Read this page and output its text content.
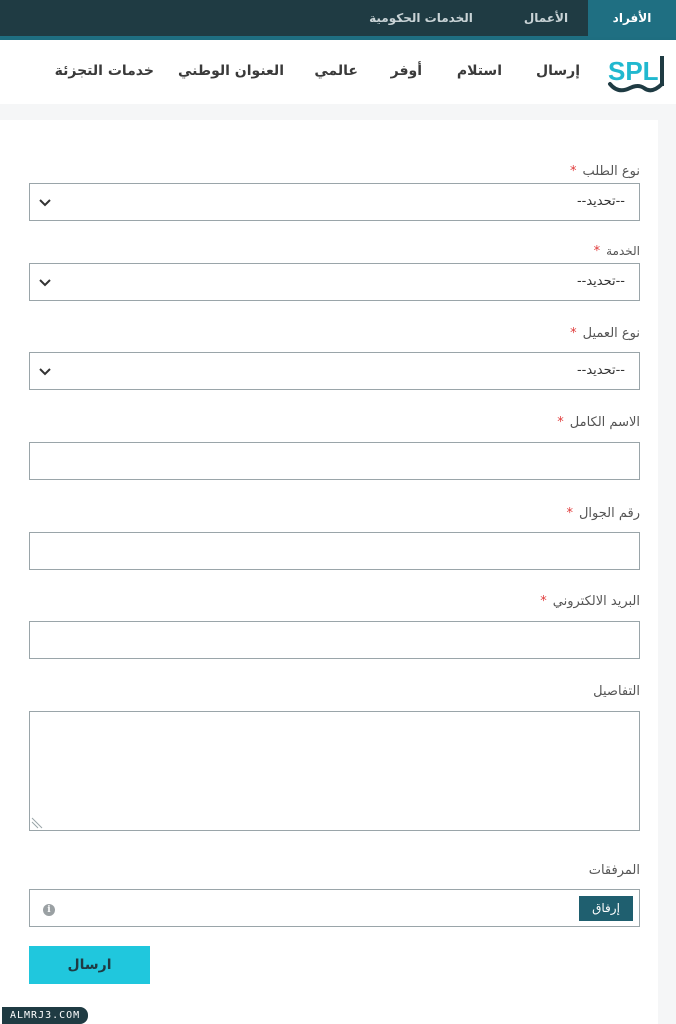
الأفراد
الأعمال
الخدمات الحكومية
SPL
إرسال
استلام
أوفر
عالمي
العنوان الوطني
خدمات التجزئة
نوع الطلب*
--تحديد--
الخدمة*
--تحديد--
نوع العميل*
--تحديد--
الاسم الكامل*
رقم الجوال*
البريد الالكتروني*
التفاصيل
المرفقات
إرفاق
i
ارسال
ALMRJ3.COM
